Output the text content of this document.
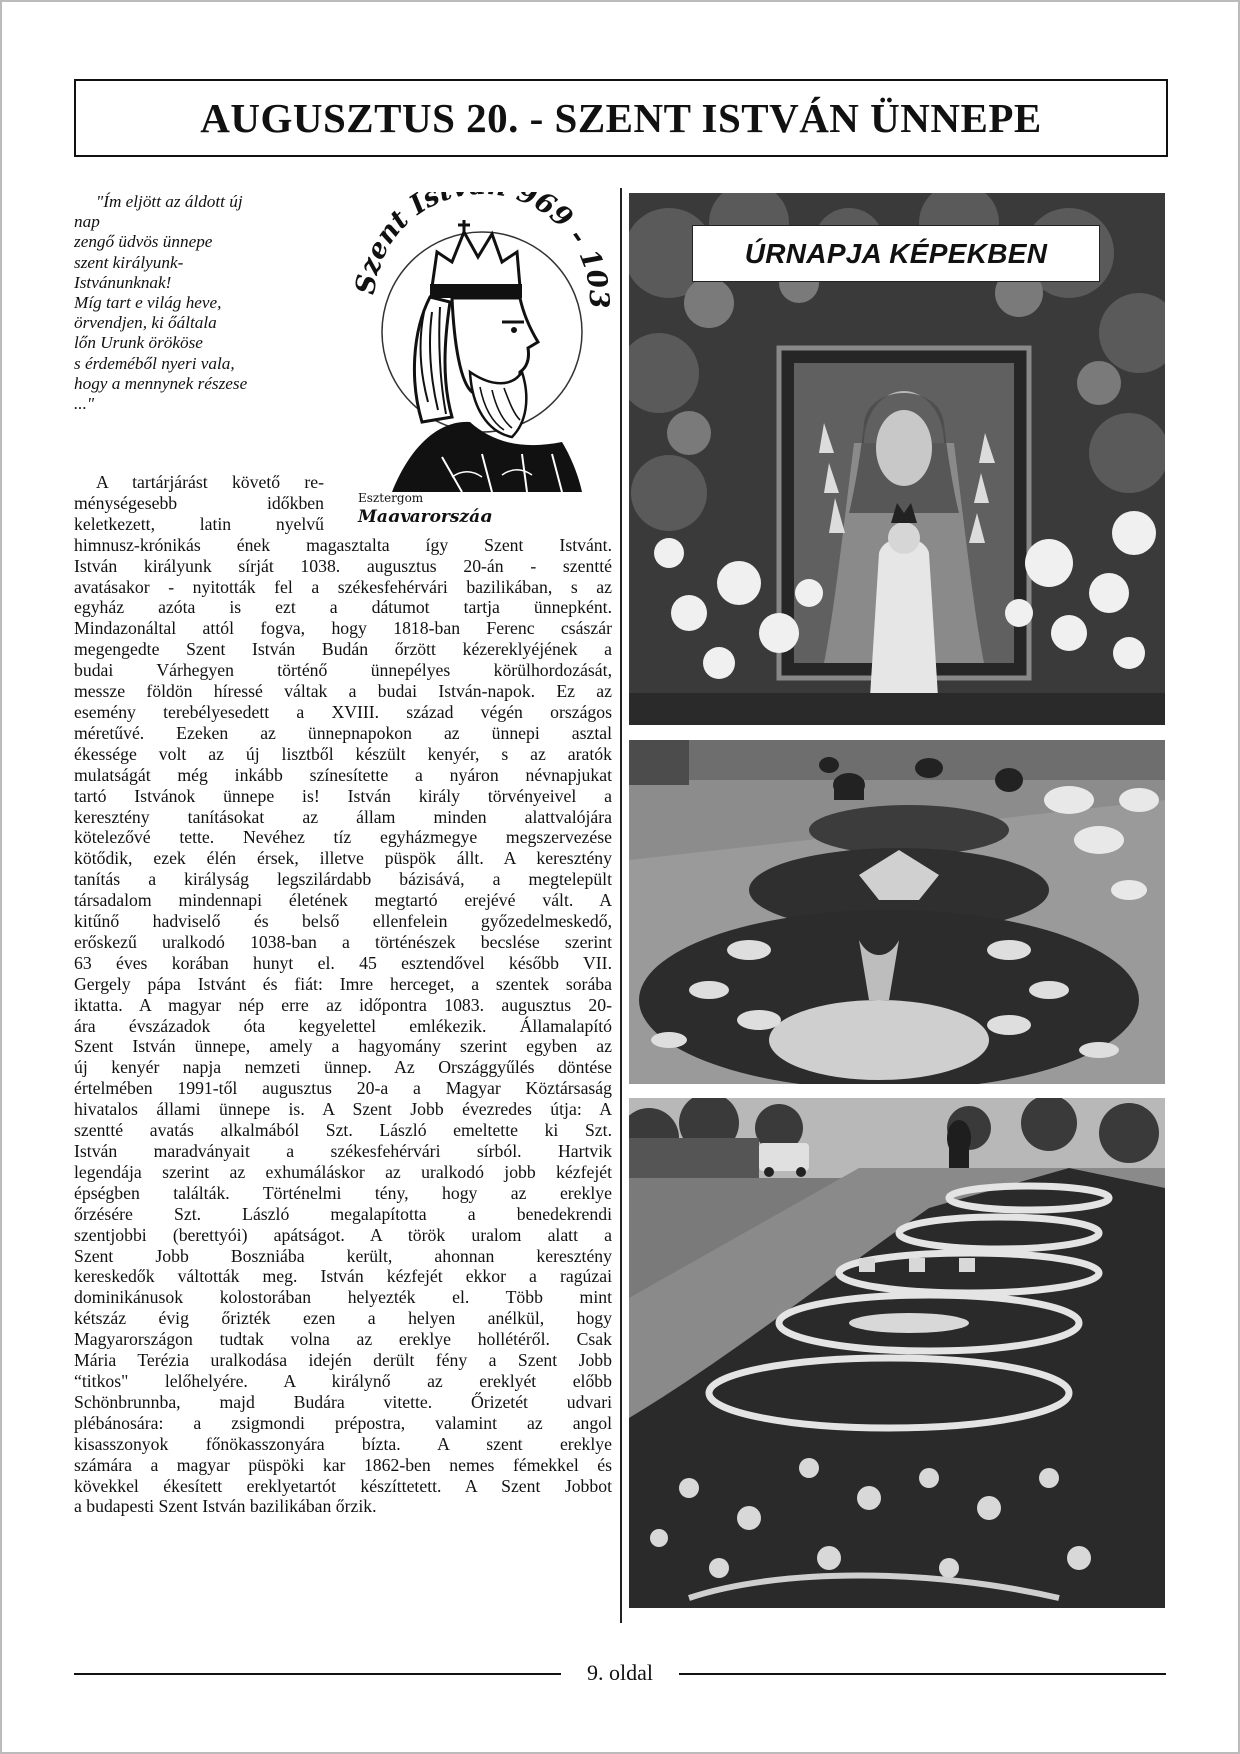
AUGUSZTUS 20. - SZENT ISTVÁN ÜNNEPE
"Ím eljött az áldott új
nap
zengő üdvös ünnepe
szent királyunk-
Istvánunknak!
Míg tart e világ heve,
örvendjen, ki őáltala
lőn Urunk örököse
s érdeméből nyeri vala,
hogy a mennynek részese
..."
Szent Is 969 - 103
Esztergom
Magyarország
A tartárjárást követő re-
ménységesebb időkben
keletkezett, latin nyelvű
himnusz-krónikás ének magasztalta így Szent Istvánt.
István királyunk sírját 1038. augusztus 20-án - szentté
avatásakor - nyitották fel a székesfehérvári bazilikában, s az
egyház azóta is ezt a dátumot tartja ünnepként.
Mindazonáltal attól fogva, hogy 1818-ban Ferenc császár
megengedte Szent István Budán őrzött kézereklyéjének a
budai Várhegyen történő ünnepélyes körülhordozását,
messze földön híressé váltak a budai István-napok. Ez az
esemény terebélyesedett a XVIII. század végén országos
méretűvé. Ezeken az ünnepnapokon az ünnepi asztal
ékessége volt az új lisztből készült kenyér, s az aratók
mulatságát még inkább színesítette a nyáron névnapjukat
tartó Istvánok ünnepe is! István király törvényeivel a
keresztény tanításokat az állam minden alattvalójára
kötelezővé tette. Nevéhez tíz egyházmegye megszervezése
kötődik, ezek élén érsek, illetve püspök állt. A keresztény
tanítás a királyság legszilárdabb bázisává, a megtelepült
társadalom mindennapi életének megtartó erejévé vált. A
kitűnő hadviselő és belső ellenfelein győzedelmeskedő,
erőskezű uralkodó 1038-ban a történészek becslése szerint
63 éves korában hunyt el. 45 esztendővel később VII.
Gergely pápa Istvánt és fiát: Imre herceget, a szentek sorába
iktatta. A magyar nép erre az időpontra 1083. augusztus 20-
ára évszázadok óta kegyelettel emlékezik. Államalapító
Szent István ünnepe, amely a hagyomány szerint egyben az
új kenyér napja nemzeti ünnep. Az Országgyűlés döntése
értelmében 1991-től augusztus 20-a a Magyar Köztársaság
hivatalos állami ünnepe is. A Szent Jobb évezredes útja: A
szentté avatás alkalmából Szt. László emeltette ki Szt.
István maradványait a székesfehérvári sírból. Hartvik
legendája szerint az exhumáláskor az uralkodó jobb kézfejét
épségben találták. Történelmi tény, hogy az ereklye
őrzésére Szt. László megalapította a benedekrendi
szentjobbi (berettyói) apátságot. A török uralom alatt a
Szent Jobb Boszniába került, ahonnan keresztény
kereskedők váltották meg. István kézfejét ekkor a ragúzai
dominikánusok kolostorában helyezték el. Több mint
kétszáz évig őrizték ezen a helyen anélkül, hogy
Magyarországon tudtak volna az ereklye hollétéről. Csak
Mária Terézia uralkodása idején derült fény a Szent Jobb
“titkos" lelőhelyére. A királynő az ereklyét előbb
Schönbrunnba, majd Budára vitette. Őrizetét udvari
plébánosára: a zsigmondi prépostra, valamint az angol
kisasszonyok főnökasszonyára bízta. A szent ereklye
számára a magyar püspöki kar 1862-ben nemes fémekkel és
kövekkel ékesített ereklyetartót készíttetett. A Szent Jobbot
a budapesti Szent István bazilikában őrzik.
ÚRNAPJA KÉPEKBEN
9. oldal
